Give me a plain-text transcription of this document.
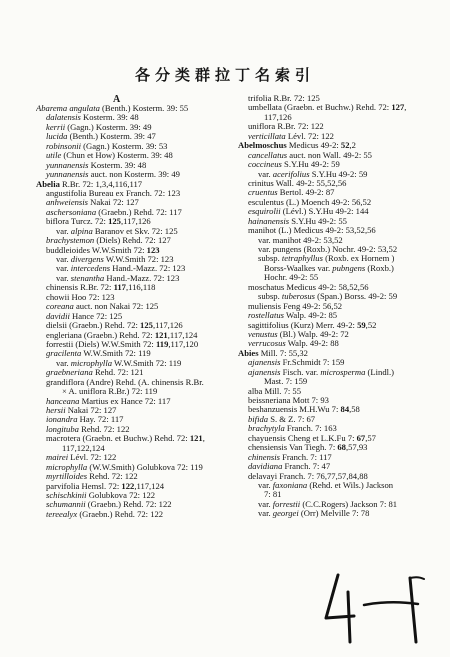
各分类群拉丁名索引
A
Abarema angulata (Benth.) Kosterm. 39: 55
dalatensis Kosterm. 39: 48
kerrii (Gagn.) Kosterm. 39: 49
lucida (Benth.) Kosterm. 39: 47
robinsonii (Gagn.) Kosterm. 39: 53
utile (Chun et How) Kosterm. 39: 48
yunnanensis Kosterm. 39: 48
yunnanensis auct. non Kosterm. 39: 49
Abelia R.Br. 72: 1,3,4,116,117
angustifolia Bureau ex Franch. 72: 123
anhweiensis Nakai 72: 127
aschersoniana (Graebn.) Rehd. 72: 117
biflora Turcz. 72: 125,117,126
var. alpina Baranov et Skv. 72: 125
brachystemon (Diels) Rehd. 72: 127
buddleioides W.W.Smith 72: 123
var. divergens W.W.Smith 72: 123
var. intercedens Hand.-Mazz. 72: 123
var. stenantha Hand.-Mazz. 72: 123
chinensis R.Br. 72: 117,116,118
chowii Hoo 72: 123
coreana auct. non Nakai 72: 125
davidii Hance 72: 125
dielsii (Graebn.) Rehd. 72: 125,117,126
engleriana (Graebn.) Rehd. 72: 121,117,124
forrestii (Diels) W.W.Smith 72: 119,117,120
gracilenta W.W.Smith 72: 119
var. microphylla W.W.Smith 72: 119
graebneriana Rehd. 72: 121
grandiflora (Andre) Rehd. (A. chinensis R.Br.
× A. uniflora R.Br.) 72: 119
hanceana Martius ex Hance 72: 117
hersii Nakai 72: 127
ionandra Hay. 72: 117
longituba Rehd. 72: 122
macrotera (Graebn. et Buchw.) Rehd. 72: 121,
117,122,124
mairei Lévl. 72: 122
microphylla (W.W.Smith) Golubkova 72: 119
myrtilloides Rehd. 72: 122
parvifolia Hemsl. 72: 122,117,124
schischkinii Golubkova 72: 122
schumannii (Graebn.) Rehd. 72: 122
tereealyx (Graebn.) Rehd. 72: 122
trifolia R.Br. 72: 125
umbellata (Graebn. et Buchw.) Rehd. 72: 127,
117,126
uniflora R.Br. 72: 122
verticillata Lévl. 72: 122
Abelmoschus Medicus 49-2: 52,2
cancellatus auct. non Wall. 49-2: 55
coccineus S.Y.Hu 49-2: 59
var. acerifolius S.Y.Hu 49-2: 59
crinitus Wall. 49-2: 55,52,56
cruentus Bertol. 49-2: 87
esculentus (L.) Moench 49-2: 56,52
esquirolii (Lévl.) S.Y.Hu 49-2: 144
hainanensis S.Y.Hu 49-2: 55
manihot (L.) Medicus 49-2: 53,52,56
var. manihot 49-2: 53,52
var. pungens (Roxb.) Nochr. 49-2: 53,52
subsp. tetraphyllus (Roxb. ex Hornem )
Borss-Waalkes var. pubngens (Roxb.)
Hochr. 49-2: 55
moschatus Medicus 49-2: 58,52,56
subsp. tuberosus (Span.) Borss. 49-2: 59
muliensis Feng 49-2: 56,52
rostellatus Walp. 49-2: 85
sagittifolius (Kurz) Merr. 49-2: 59,52
venustus (Bl.) Walp. 49-2: 72
verrucosus Walp. 49-2: 88
Abies Mill. 7: 55,32
ajanensis Fr.Schmidt 7: 159
ajanensis Fisch. var. microsperma (Lindl.)
Mast. 7: 159
alba Mill. 7: 55
beissneriana Mott 7: 93
beshanzuensis M.H.Wu 7: 84,58
bifida S. & Z. 7: 67
brachytyla Franch. 7: 163
chayuensis Cheng et L.K.Fu 7: 67,57
chensiensis Van Tiegh. 7: 68,57,93
chinensis Franch. 7: 117
davidiana Franch. 7: 47
delavayi Franch. 7: 76,77,57,84,88
var. faxoniana (Rehd. et Wils.) Jackson
7: 81
var. forrestii (C.C.Rogers) Jackson 7: 81
var. georgei (Orr) Melville 7: 78
